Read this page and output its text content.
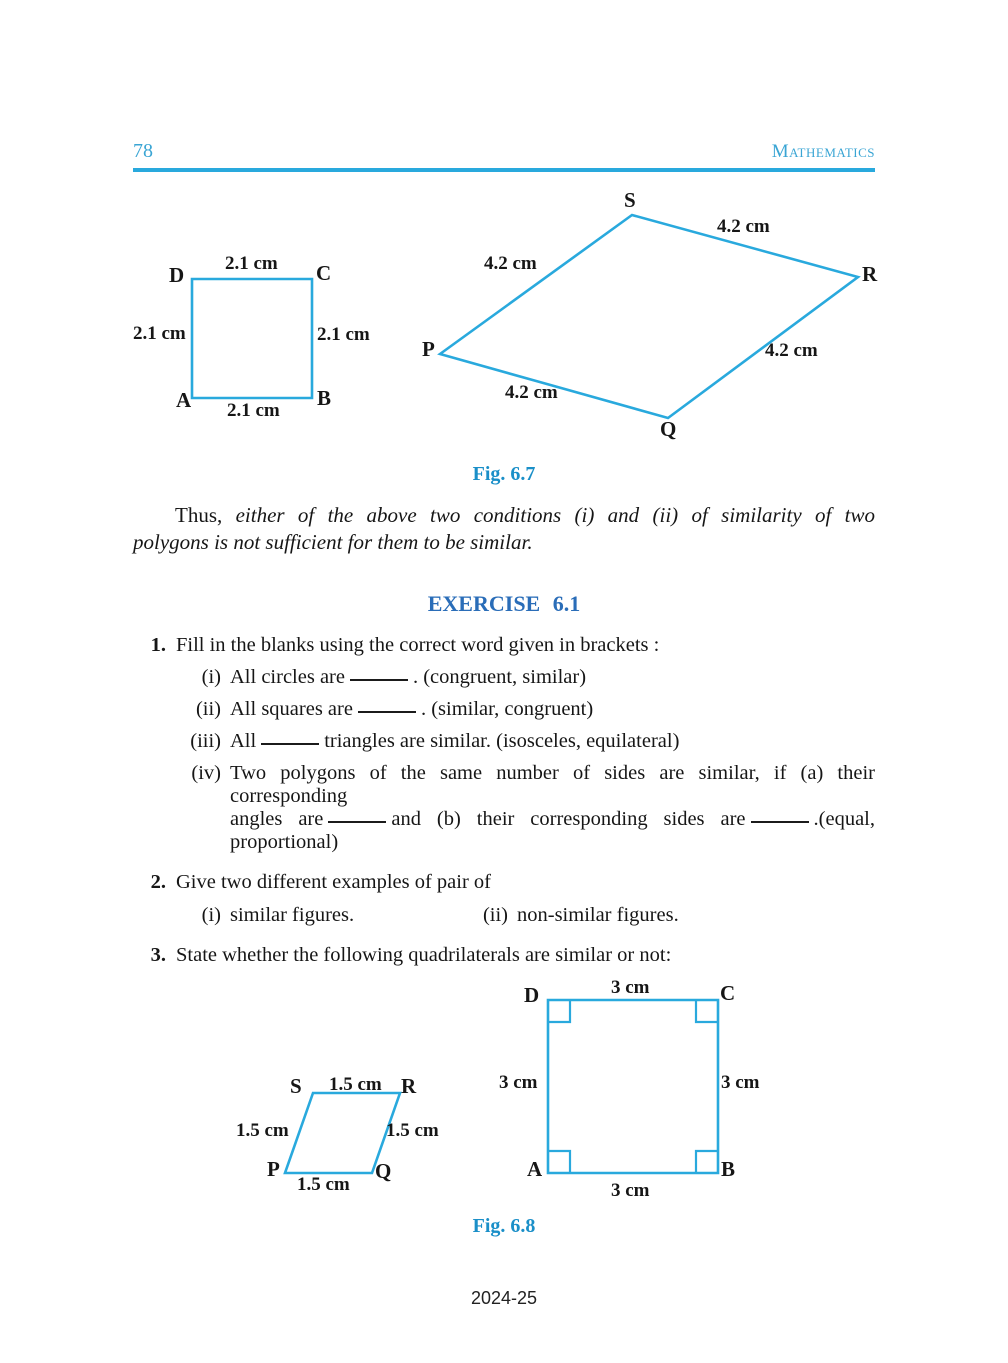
78	Mathematics
D	C
A	B
2.1 cm
2.1 cm	2.1 cm
2.1 cm
S
R
P
Q
4.2 cm
4.2 cm
4.2 cm
4.2 cm
Fig. 6.7
Thus, either of the above two conditions (i) and (ii) of similarity of two
polygons is not sufficient for them to be similar.
EXERCISE 6.1
1. Fill in the blanks using the correct word given in brackets :
(i) All circles are	. (congruent, similar)
(ii) All squares are	. (similar, congruent)
(iii) All	triangles are similar. (isosceles, equilateral)
(iv) Two polygons of the same number of sides are similar, if (a) their corresponding
angles are	and (b) their corresponding sides are	.(equal,
proportional)
2. Give two different examples of pair of
(i) similar figures.	(ii) non-similar figures.
3. State whether the following quadrilaterals are similar or not:
S	R
P	Q
1.5 cm
1.5 cm	1.5 cm
1.5 cm
D	C
A	B
3 cm
3 cm	3 cm
3 cm
Fig. 6.8
2024-25
